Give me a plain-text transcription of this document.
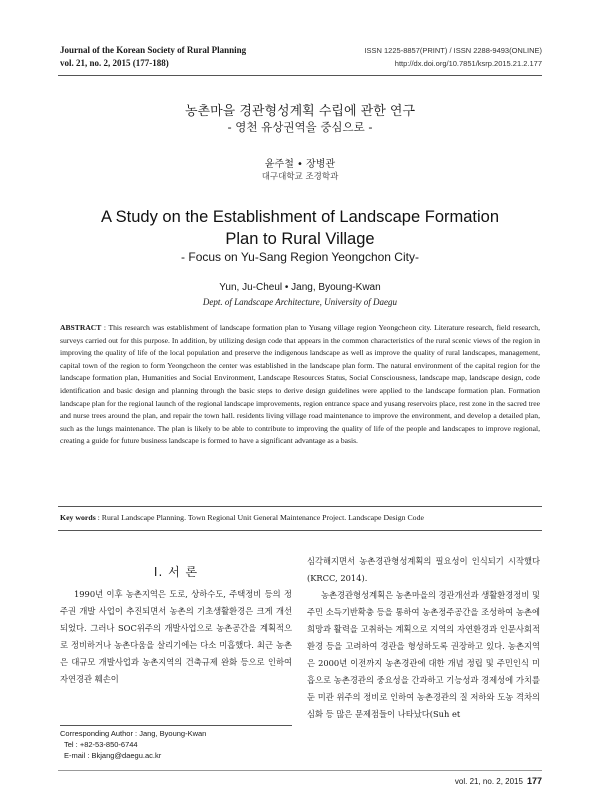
Journal of the Korean Society of Rural Planning
vol. 21, no. 2, 2015 (177-188)
ISSN 1225-8857(PRINT) / ISSN 2288-9493(ONLINE)
http://dx.doi.org/10.7851/ksrp.2015.21.2.177
농촌마을 경관형성계획 수립에 관한 연구
- 영천 유상권역을 중심으로 -
윤주철 • 장병관
대구대학교 조경학과
A Study on the Establishment of Landscape Formation
Plan to Rural Village
- Focus on Yu-Sang Region Yeongchon City-
Yun, Ju-Cheul • Jang, Byoung-Kwan
Dept. of Landscape Architecture, University of Daegu
ABSTRACT : This research was establishment of landscape formation plan to Yusang village region Yeongcheon city. Literature research, field research, surveys carried out for this purpose. In addition, by utilizing design code that appears in the common characteristics of the rural scenic views of the region in improving the quality of life of the local population and preserve the indigenous landscape as well as improve the quality of rural landscapes, management, capital town of the region to form Yeongcheon the center was established in the landscape plan form. The natural environment of the capital region for the landscape formation plan, Humanities and Social Environment, Landscape Resources Status, Social Consciousness, landscape map, landscape design, code identification and basic design and planning through the basic steps to derive design guidelines were applied to the landscape formation plan. Formation landscape plan for the regional launch of the regional landscape improvements, region entrance space and yusang reservoirs place, rest zone in the sacred tree and nurse trees around the plan, and repair the town hall. residents living village road maintenance to improve the environment, and develop a detailed plan, such as the lungs maintenance. The plan is likely to be able to contribute to improving the quality of life of the people and landscapes to improve regional, creating a guide for future business landscape is formed to have a significant advantage as a basis.
Key words : Rural Landscape Planning. Town Regional Unit General Maintenance Project. Landscape Design Code
I. 서 론
1990년 이후 농촌지역은 도로, 상하수도, 주택정비 등의 정주권 개발 사업이 추진되면서 농촌의 기초생활환경은 크게 개선되었다. 그러나 SOC위주의 개발사업으로 농촌공간을 계획적으로 정비하거나 농촌다움을 살리기에는 다소 미흡했다. 최근 농촌은 대규모 개발사업과 농촌지역의 건축규제 완화 등으로 인하여 자연경관 훼손이

심각해지면서 농촌경관형성계획의 필요성이 인식되기 시작했다(KRCC, 2014).

농촌경관형성계획은 농촌마을의 경관개선과 생활환경정비 및 주민 소득기반확충 등을 통하여 농촌정주공간을 조성하여 농촌에 희망과 활력을 고취하는 계획으로 지역의 자연환경과 인문사회적 환경 등을 고려하여 경관을 형성하도록 권장하고 있다. 농촌지역은 2000년 이전까지 농촌경관에 대한 개념 정립 및 주민인식 미흡으로 농촌경관의 중요성을 간과하고 기능성과 경제성에 가치를 둔 미관 위주의 정비로 인하여 농촌경관의 질 저하와 도농 격차의 심화 등 많은 문제점들이 나타났다(Suh et

Corresponding Author : Jang, Byoung-Kwan
Tel : +82-53-850-6744
E-mail : Bkjang@daegu.ac.kr
vol. 21, no. 2, 2015 177
